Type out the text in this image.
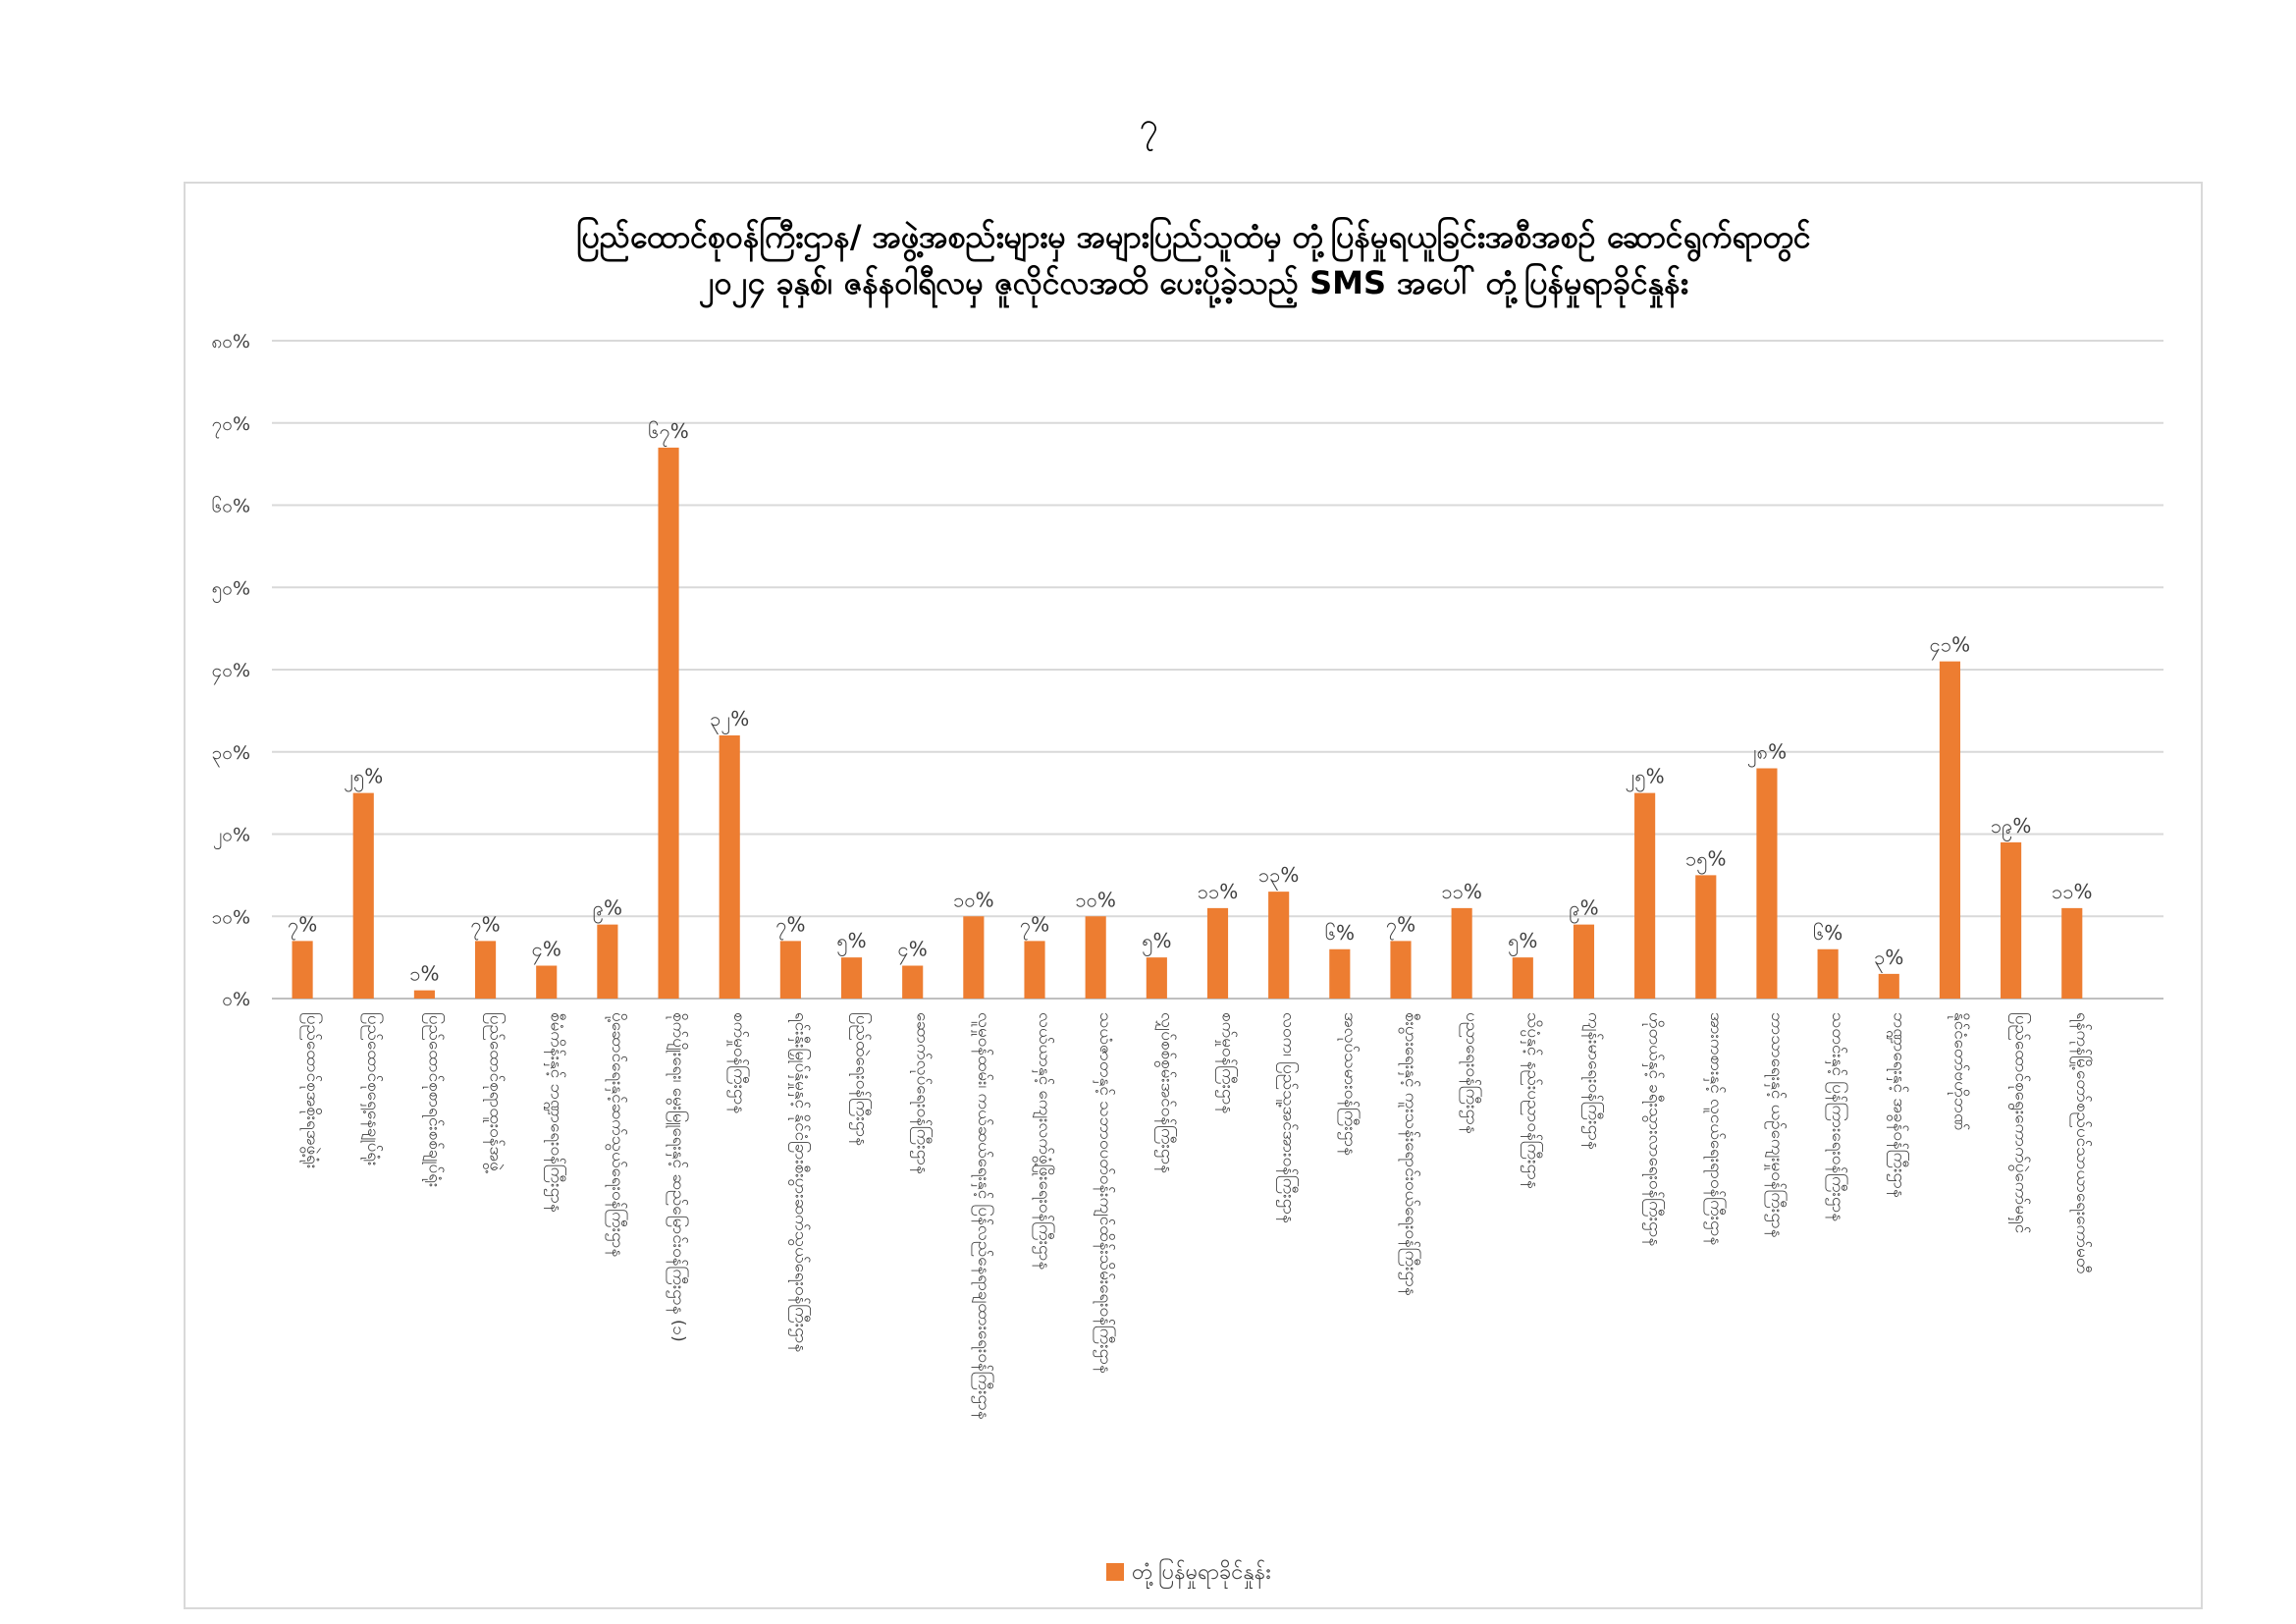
၇
ပြည်ထောင်စုဝန်ကြီးဌာန/ အဖွဲ့အစည်းများမှ အများပြည်သူထံမှ တုံ့ပြန်မှုရယူခြင်းအစီအစဉ် ဆောင်ရွက်ရာတွင်
၂၀၂၄ ခုနှစ်၊ ဇန်နဝါရီလမှ ဇူလိုင်လအထိ ပေးပို့ခဲ့သည့် SMS အပေါ် တုံ့ပြန်မှုရာခိုင်နှုန်း
၀%
၁၀%
၂၀%
၃၀%
၄၀%
၅၀%
၆၀%
၇၀%
၈၀%
၇%
၂၅%
၁%
၇%
၄%
၉%
၆၇%
၃၂%
၇%
၅% ၄%
၁၀%
၇%
၁၀%
၅%
၁၁%
၁၃%
၆% ၇%
၁၁%
၅%
၉%
၂၅%
၁၅%
၂၈%
၆%
၃%
၄၁%
၁၉%
၁၁%
ပြည်ထောင်စုအစိုးရအဖွဲ့ရုံး ပြည်ထောင်စုရှေ့နေချုပ်ရုံး ပြည်ထောင်စုစာရင်းစစ်ချုပ်ရုံး ပြည်ထောင်စုရာထူးဝန်အဖွဲ့ စီမံကိန်းနှင့် ဘဏ္ဍာရေးဝန်ကြီးဌာန ပို့ဆောင်ရေးနှင့်ဆက်သွယ်ရေးဝန်ကြီးဌာန စိုက်ပျိုးရေး၊ မွေးမြူရေးနှင့် ဆည်မြောင်းဝန်ကြီးဌာန (၁) စက်မှုဝန်ကြီးဌာန ရင်းနှီးမြှုပ်နှံမှုနှင့် နိုင်ငံခြားစီးပွားဆက်သွယ်ရေးဝန်ကြီးဌာန ပြည်ထဲရေးဝန်ကြီးဌာန ဆောက်လုပ်ရေးဝန်ကြီးဌာန လူမှုဝန်ထမ်း၊ ကယ်ဆယ်ရေးနှင့် ပြန်လည်နေရာချထားရေးဝန်ကြီးဌာန လယ်ယာနှင့် ကျေးလက်ဖွံ့ဖြိုးရေးဝန်ကြီးဌာန သယံဇာတနှင့် သဘာဝပတ်ဝန်းကျင်ထိန်းသိမ်းရေးဝန်ကြီးဌာန လျှပ်စစ်စွမ်းအင်ဝန်ကြီးဌာန စက်မှုဝန်ကြီးဌာန လဝက၊ ပြည်သူ့အင်အားဝန်ကြီးဌာန အလုပ်သမားဝန်ကြီးဌာန စီးပွားရေးနှင့် ကူးသန်းရောင်းဝယ်ရေးဝန်ကြီးဌာန ပညာရေးဝန်ကြီးဌာန သိပ္ပံနှင့် နည်းပညာဝန်ကြီးဌာန ကျန်းမာရေးဝန်ကြီးဌာန ဟိုတယ်နှင့် ခရီးသွားလာရေးဝန်ကြီးဌာန အားကစားနှင့် လူငယ်ရေးရာဝန်ကြီးဌာန ဘာသာရေးနှင့် ယဉ်ကျေးမှုဝန်ကြီးဌာန သတင်းနှင့် ပြန်ကြားရေးဝန်ကြီးဌာန ဘဏ္ဍာရေးနှင့် အခွန်ဝန်ကြီးဌာန နိုင်ငံတော်ဗဟိုဘဏ် ပြည်ထောင်စုရွေးကောက်ပွဲကော်မရှင် ရန်ကုန်မြို့တော်စည်ပင်သာယာရေးကော်မတီ
တုံ့ပြန်မှုရာခိုင်နှုန်း
